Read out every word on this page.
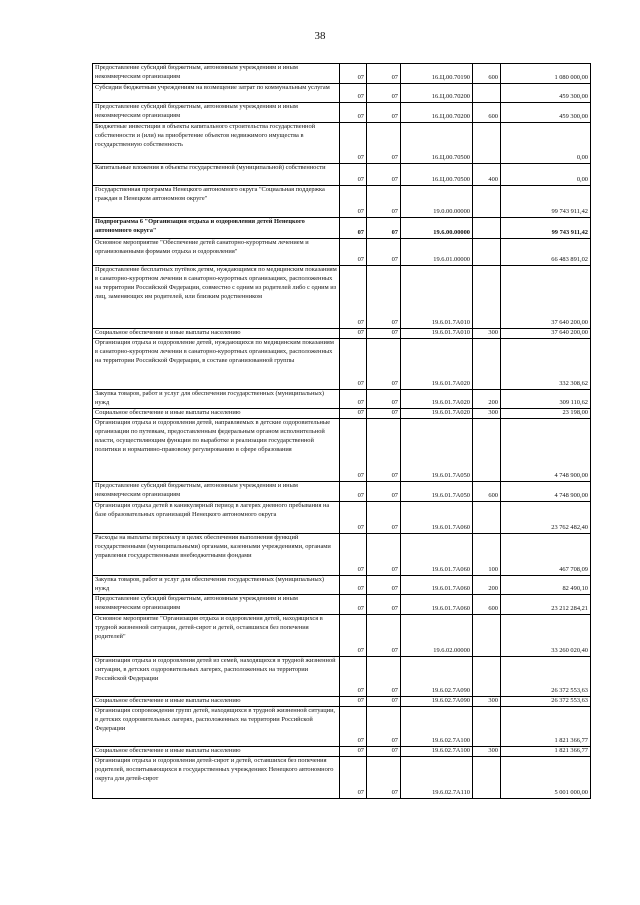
38
Предоставление субсидий бюджетным, автономным учреждениям и иным некоммерческим организациям	07	07	16.Ц.00.70190	600	1 080 000,00
Субсидии бюджетным учреждениям на возмещение затрат по коммунальным услугам	07	07	16.Ц.00.70200		459 300,00
Предоставление субсидий бюджетным, автономным учреждениям и иным некоммерческим организациям	07	07	16.Ц.00.70200	600	459 300,00
Бюджетные инвестиции в объекты капитального строительства государственной собственности и (или) на приобретение объектов недвижимого имущества в государственную собственность	07	07	16.Ц.00.70500		0,00
Капитальные вложения в объекты государственной (муниципальной) собственности	07	07	16.Ц.00.70500	400	0,00
Государственная программа Ненецкого автономного округа "Социальная поддержка граждан в Ненецком автономном округе"	07	07	19.0.00.00000		99 743 911,42
Подпрограмма 6 "Организация отдыха и оздоровления детей Ненецкого автономного округа"	07	07	19.6.00.00000		99 743 911,42
Основное мероприятие "Обеспечение детей санаторно-курортным лечением и организованными формами отдыха и оздоровления"	07	07	19.6.01.00000		66 483 891,02
Предоставление бесплатных путёвок детям, нуждающимся по медицинским показаниям в санаторно-курортном лечении в санаторно-курортных организациях, расположенных на территории Российской Федерации, совместно с одним из родителей либо с одним из лиц, заменяющих им родителей, или близким родственником	07	07	19.6.01.7А010		37 640 200,00
Социальное обеспечение и иные выплаты населению	07	07	19.6.01.7А010	300	37 640 200,00
Организация отдыха и оздоровление детей, нуждающихся по медицинским показаниям в санаторно-курортном лечении в санаторно-курортных организациях, расположенных на территории Российской Федерации, в составе организованной группы	07	07	19.6.01.7А020		332 308,62
Закупка товаров, работ и услуг для обеспечения государственных (муниципальных) нужд	07	07	19.6.01.7А020	200	309 110,62
Социальное обеспечение и иные выплаты населению	07	07	19.6.01.7А020	300	23 198,00
Организация отдыха и оздоровления детей, направляемых в детские оздоровительные организации по путевкам, предоставленным федеральным органом исполнительной власти, осуществляющим функции по выработке и реализации государственной политики и нормативно-правовому регулированию в сфере образования	07	07	19.6.01.7А050		4 748 900,00
Предоставление субсидий бюджетным, автономным учреждениям и иным некоммерческим организациям	07	07	19.6.01.7А050	600	4 748 900,00
Организация отдыха детей в каникулярный период в лагерях дневного пребывания на базе образовательных организаций Ненецкого автономного округа	07	07	19.6.01.7А060		23 762 482,40
Расходы на выплаты персоналу в целях обеспечения выполнения функций государственными (муниципальными) органами, казенными учреждениями, органами управления государственными внебюджетными фондами	07	07	19.6.01.7А060	100	467 708,09
Закупка товаров, работ и услуг для обеспечения государственных (муниципальных) нужд	07	07	19.6.01.7А060	200	82 490,10
Предоставление субсидий бюджетным, автономным учреждениям и иным некоммерческим организациям	07	07	19.6.01.7А060	600	23 212 284,21
Основное мероприятие "Организация отдыха и оздоровления детей, находящихся в трудной жизненной ситуации, детей-сирот и детей, оставшихся без попечения родителей"	07	07	19.6.02.00000		33 260 020,40
Организация отдыха и оздоровления детей из семей, находящихся в трудной жизненной ситуации, в детских оздоровительных лагерях, расположенных на территории Российской Федерации	07	07	19.6.02.7А090		26 372 553,63
Социальное обеспечение и иные выплаты населению	07	07	19.6.02.7А090	300	26 372 553,63
Организация сопровождения групп детей, находящихся в трудной жизненной ситуации, в детских оздоровительных лагерях, расположенных на территории Российской Федерации	07	07	19.6.02.7А100		1 821 366,77
Социальное обеспечение и иные выплаты населению	07	07	19.6.02.7А100	300	1 821 366,77
Организация отдыха и оздоровления детей-сирот и детей, оставшихся без попечения родителей, воспитывающихся в государственных учреждениях Ненецкого автономного округа для детей-сирот	07	07	19.6.02.7А110		5 001 000,00
